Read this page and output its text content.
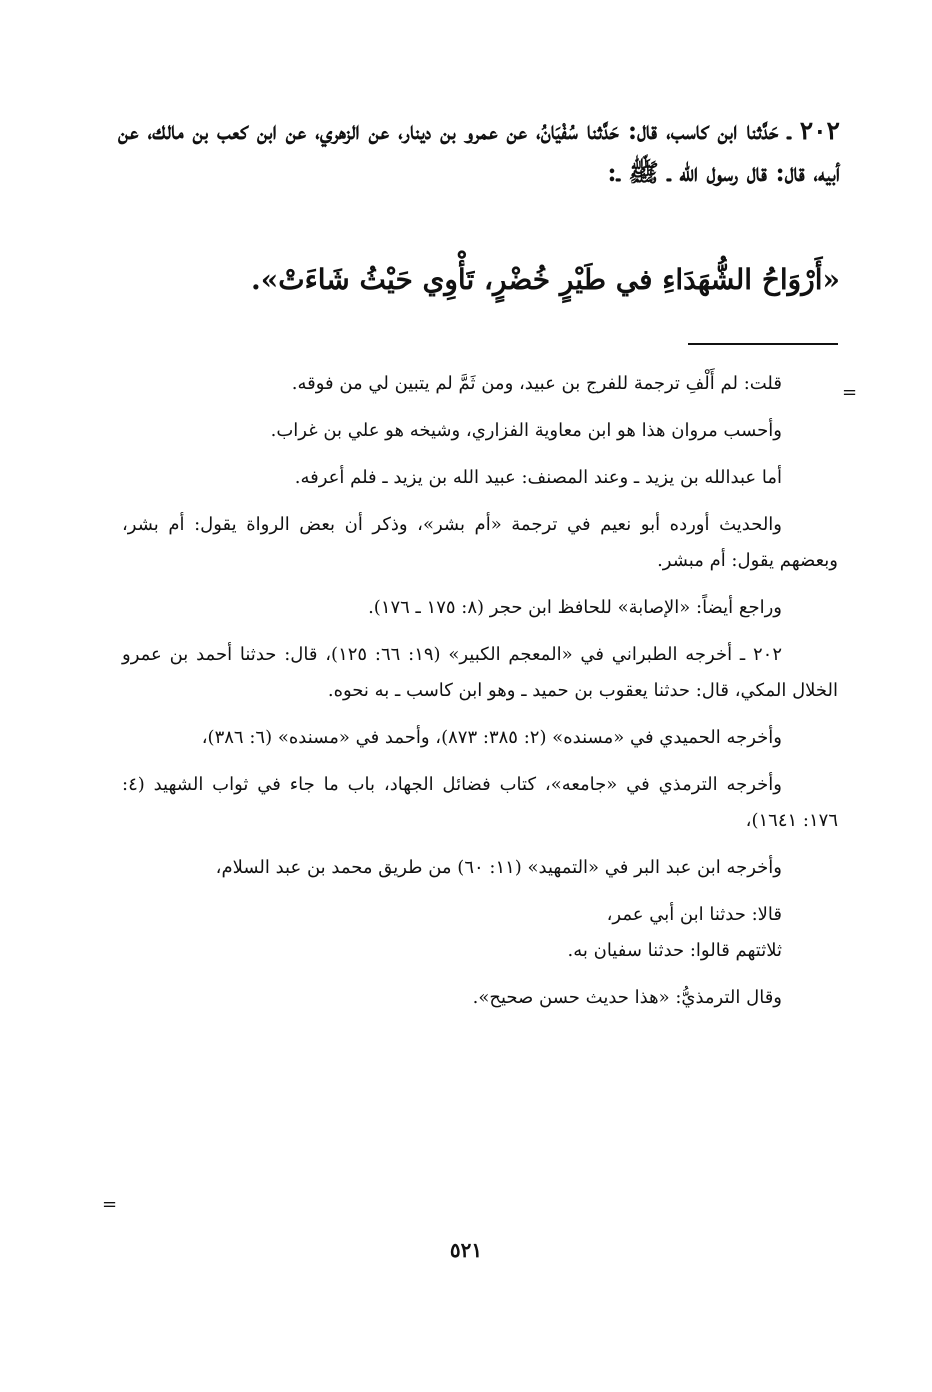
٢٠٢ ـ حَدَّثنا ابن كاسب، قال: حَدَّثنا سُفْيَانُ، عن عمرو بن دينار، عن الزهري، عن ابن كعب بن مالك، عن أبيه، قال: قال رسول الله ـ ﷺ ـ:
«أَرْوَاحُ الشُّهَدَاءِ في طَيْرٍ خُضْرٍ، تَأْوِي حَيْثُ شَاءَتْ».
=
=

قلت: لم أَلْفِ ترجمة للفرج بن عبيد، ومن ثَمَّ لم يتبين لي من فوقه.

وأحسب مروان هذا هو ابن معاوية الفزاري، وشيخه هو علي بن غراب.

أما عبدالله بن يزيد ـ وعند المصنف: عبيد الله بن يزيد ـ فلم أعرفه.

والحديث أورده أبو نعيم في ترجمة «أم بشر»، وذكر أن بعض الرواة يقول: أم بشر، وبعضهم يقول: أم مبشر.

وراجع أيضاً: «الإصابة» للحافظ ابن حجر (٨: ١٧٥ ـ ١٧٦).

٢٠٢ ـ أخرجه الطبراني في «المعجم الكبير» (١٩: ٦٦: ١٢٥)، قال: حدثنا أحمد بن عمرو الخلال المكي، قال: حدثنا يعقوب بن حميد ـ وهو ابن كاسب ـ به نحوه.

وأخرجه الحميدي في «مسنده» (٢: ٣٨٥: ٨٧٣)، وأحمد في «مسنده» (٦: ٣٨٦)،

وأخرجه الترمذي في «جامعه»، كتاب فضائل الجهاد، باب ما جاء في ثواب الشهيد (٤: ١٧٦: ١٦٤١)،

وأخرجه ابن عبد البر في «التمهيد» (١١: ٦٠) من طريق محمد بن عبد السلام،

قالا: حدثنا ابن أبي عمر،

ثلاثتهم قالوا: حدثنا سفيان به.

وقال الترمذيُّ: «هذا حديث حسن صحيح».

٥٢١
